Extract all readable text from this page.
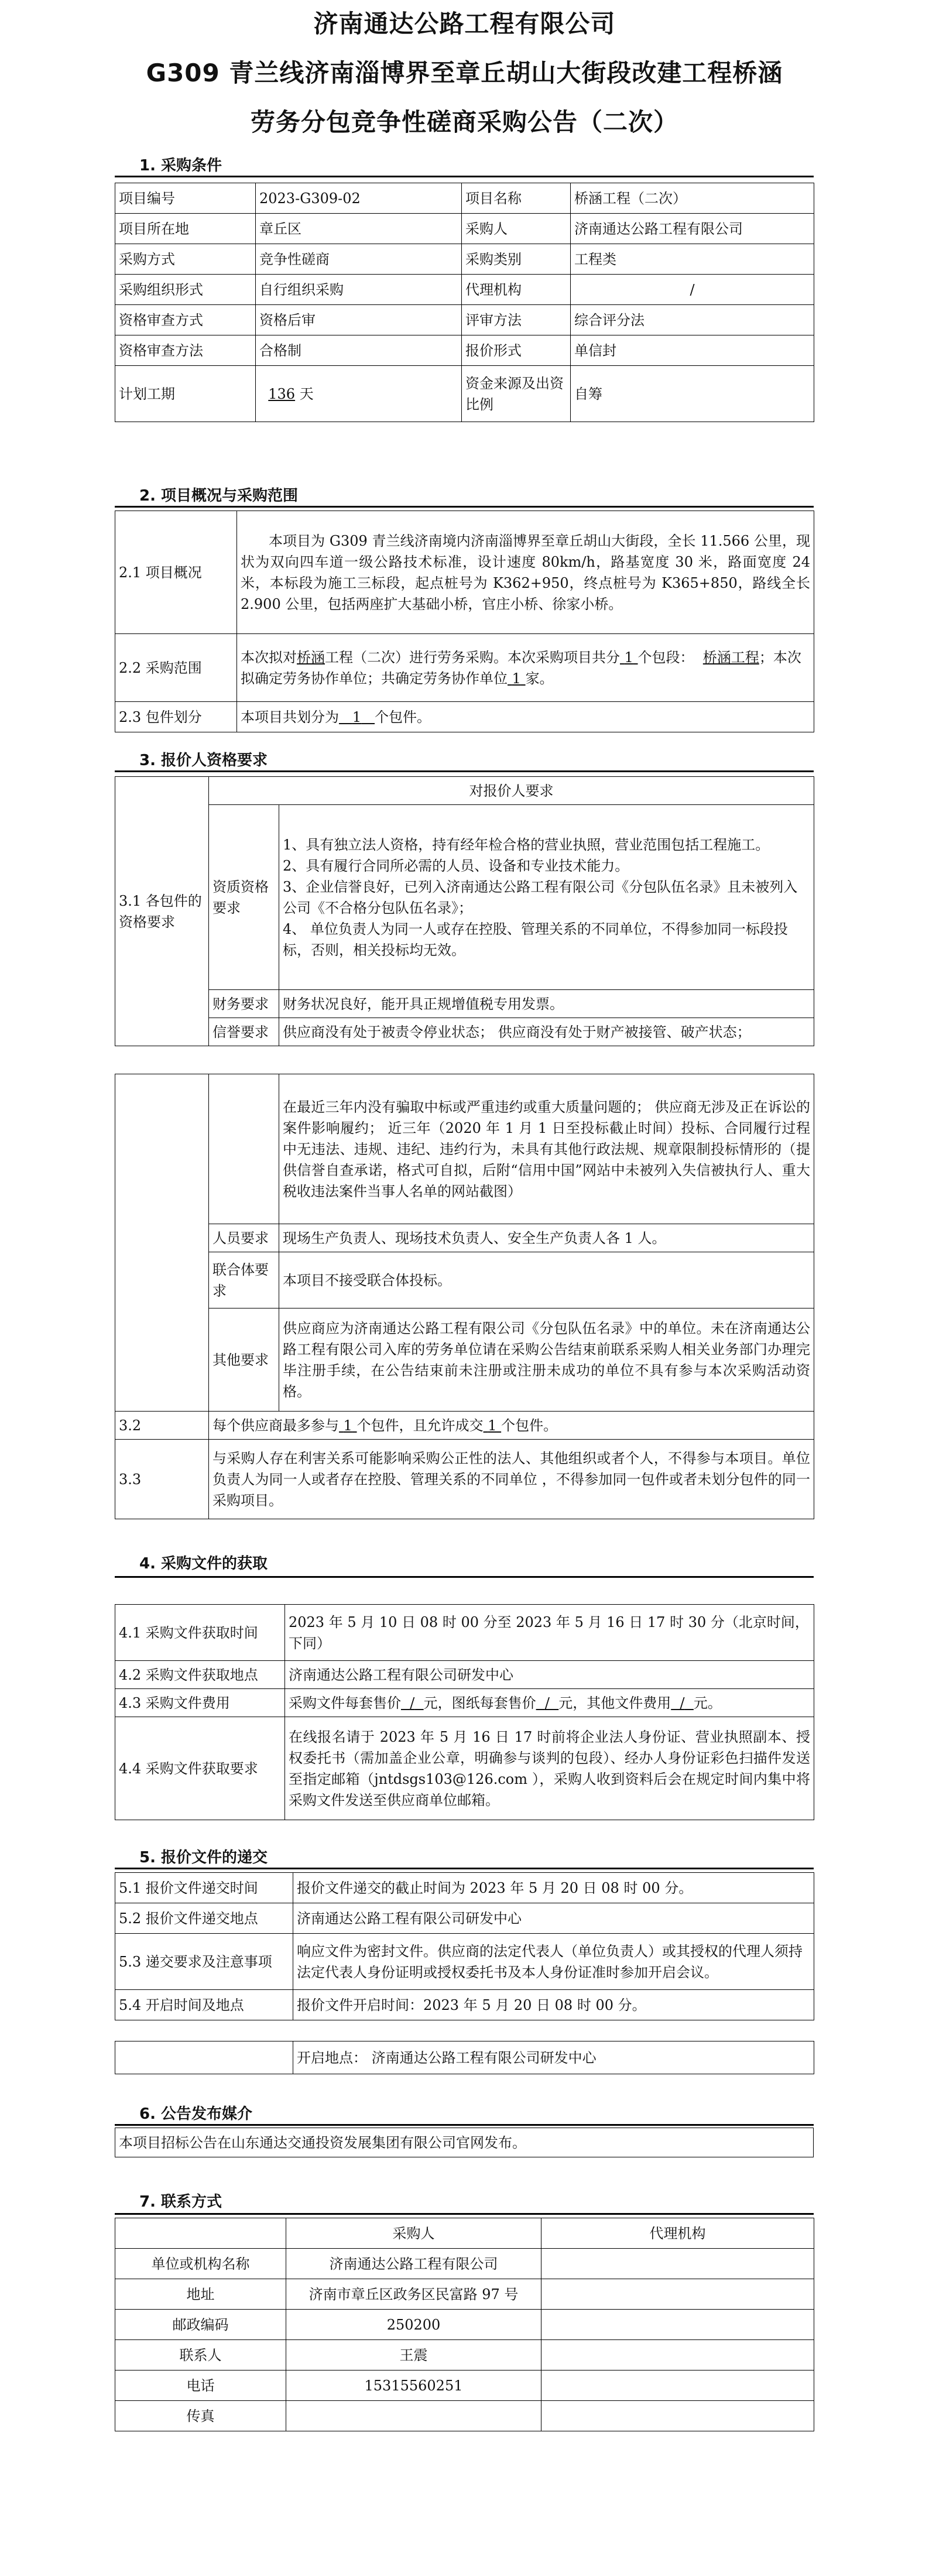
济南通达公路工程有限公司
G309 青兰线济南淄博界至章丘胡山大街段改建工程桥涵
劳务分包竞争性磋商采购公告（二次）
1. 采购条件
项目编号	2023-G309-02	项目名称	桥涵工程（二次）
项目所在地	章丘区	采购人	济南通达公路工程有限公司
采购方式	竞争性磋商	采购类别	工程类
采购组织形式	自行组织采购	代理机构	/
资格审查方式	资格后审	评审方法	综合评分法
资格审查方法	合格制	报价形式	单信封
计划工期	136 天	资金来源及出资比例	自筹
2. 项目概况与采购范围
2.1 项目概况	本项目为 G309 青兰线济南境内济南淄博界至章丘胡山大街段，全长 11.566 公里，现状为双向四车道一级公路技术标准，设计速度 80km/h，路基宽度 30 米，路面宽度 24 米，本标段为施工三标段，起点桩号为 K362+950，终点桩号为 K365+850，路线全长 2.900 公里，包括两座扩大基础小桥，官庄小桥、徐家小桥。
2.2 采购范围	本次拟对桥涵工程（二次）进行劳务采购。本次采购项目共分 1 个包段： 桥涵工程；本次拟确定劳务协作单位；共确定劳务协作单位 1 家。
2.3 包件划分	本项目共划分为 1 个包件。
3. 报价人资格要求
3.1 各包件的资格要求	对报价人要求	
	资质资格要求	1、具有独立法人资格，持有经年检合格的营业执照，营业范围包括工程施工。
2、具有履行合同所必需的人员、设备和专业技术能力。
3、企业信誉良好，已列入济南通达公路工程有限公司《分包队伍名录》且未被列入公司《不合格分包队伍名录》；
4、 单位负责人为同一人或存在控股、管理关系的不同单位，不得参加同一标段投标，否则，相关投标均无效。

	财务要求	财务状况良好，能开具正规增值税专用发票。
	信誉要求	供应商没有处于被责令停业状态； 供应商没有处于财产被接管、破产状态；
		在最近三年内没有骗取中标或严重违约或重大质量问题的； 供应商无涉及正在诉讼的案件影响履约； 近三年（2020 年 1 月 1 日至投标截止时间）投标、合同履行过程中无违法、违规、违纪、违约行为，未具有其他行政法规、规章限制投标情形的（提供信誉自查承诺，格式可自拟，后附“信用中国”网站中未被列入失信被执行人、重大税收违法案件当事人名单的网站截图）
	人员要求	现场生产负责人、现场技术负责人、安全生产负责人各 1 人。
	联合体要求	本项目不接受联合体投标。
	其他要求	供应商应为济南通达公路工程有限公司《分包队伍名录》中的单位。未在济南通达公路工程有限公司入库的劳务单位请在采购公告结束前联系采购人相关业务部门办理完毕注册手续，在公告结束前未注册或注册未成功的单位不具有参与本次采购活动资格。
3.2	每个供应商最多参与 1 个包件，且允许成交 1 个包件。	
3.3	与采购人存在利害关系可能影响采购公正性的法人、其他组织或者个人，不得参与本项目。单位负责人为同一人或者存在控股、管理关系的不同单位 ，不得参加同一包件或者未划分包件的同一采购项目。	
4. 采购文件的获取
4.1 采购文件获取时间	2023 年 5 月 10 日 08 时 00 分至 2023 年 5 月 16 日 17 时 30 分（北京时间，下同）
4.2 采购文件获取地点	济南通达公路工程有限公司研发中心
4.3 采购文件费用	采购文件每套售价 / 元，图纸每套售价 / 元，其他文件费用 / 元。
4.4 采购文件获取要求	在线报名请于 2023 年 5 月 16 日 17 时前将企业法人身份证、营业执照副本、授权委托书（需加盖企业公章，明确参与谈判的包段）、经办人身份证彩色扫描件发送至指定邮箱（jntdsgs103@126.com ），采购人收到资料后会在规定时间内集中将采购文件发送至供应商单位邮箱。
5. 报价文件的递交
5.1 报价文件递交时间	报价文件递交的截止时间为 2023 年 5 月 20 日 08 时 00 分。
5.2 报价文件递交地点	济南通达公路工程有限公司研发中心
5.3 递交要求及注意事项	响应文件为密封文件。供应商的法定代表人（单位负责人）或其授权的代理人须持法定代表人身份证明或授权委托书及本人身份证准时参加开启会议。
5.4 开启时间及地点	报价文件开启时间：2023 年 5 月 20 日 08 时 00 分。
	开启地点： 济南通达公路工程有限公司研发中心
6. 公告发布媒介
本项目招标公告在山东通达交通投资发展集团有限公司官网发布。
7. 联系方式
	采购人	代理机构
单位或机构名称	济南通达公路工程有限公司	
地址	济南市章丘区政务区民富路 97 号	
邮政编码	250200	
联系人	王震	
电话	15315560251	
传真		
